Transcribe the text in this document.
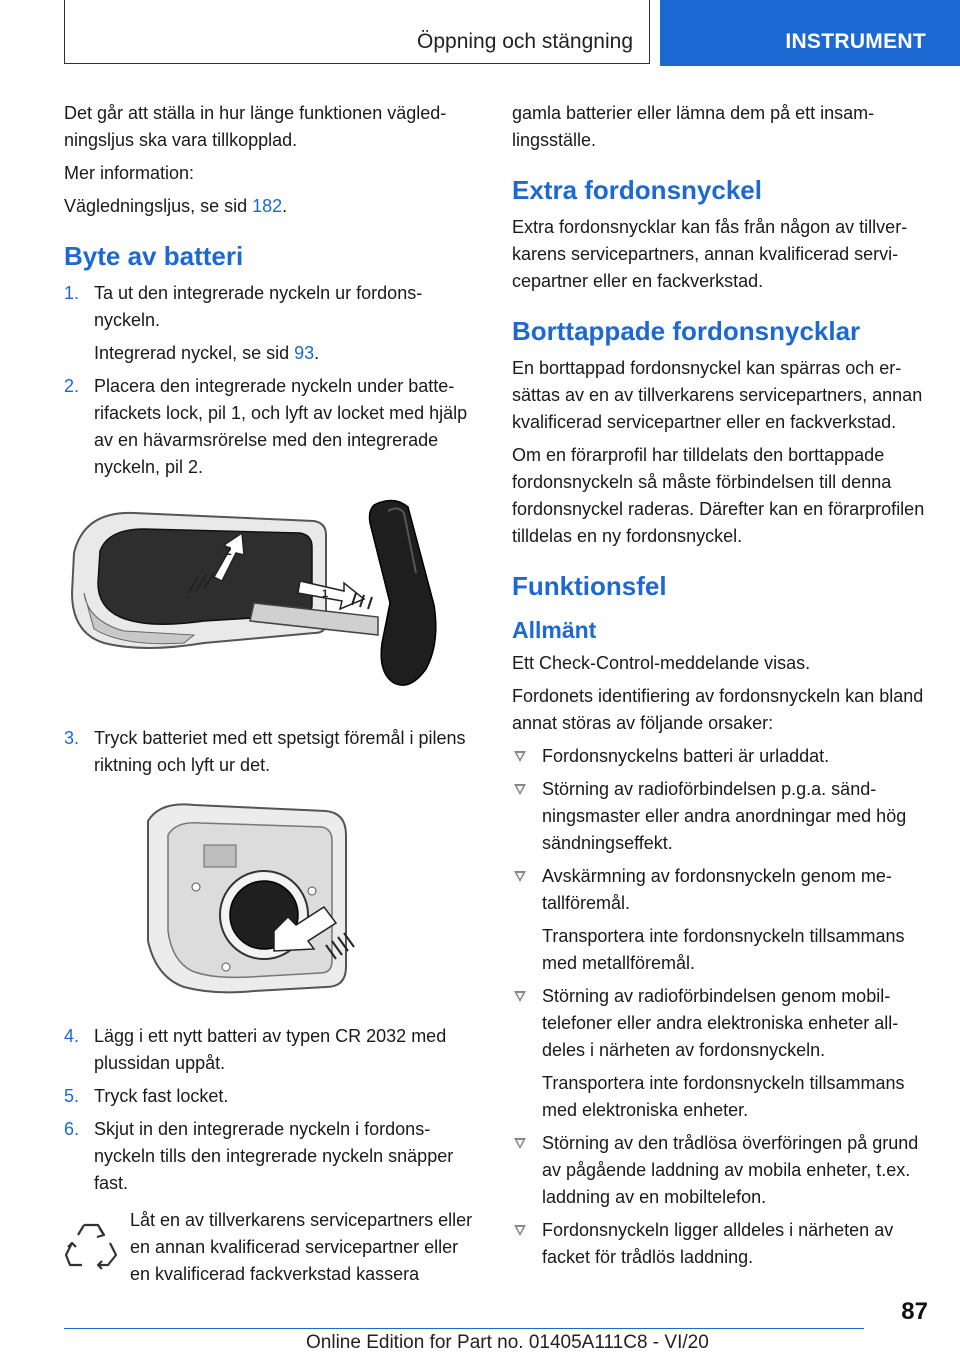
Öppning och stängning	INSTRUMENT

Det går att ställa in hur länge funktionen vägledningsljus ska vara tillkopplad.

Mer information:

Vägledningsljus, se sid 182.

Byte av batteri
1. Ta ut den integrerade nyckeln ur fordonsnyckeln.

Integrerad nyckel, se sid 93.

2. Placera den integrerade nyckeln under batterifackets lock, pil 1, och lyft av locket med hjälp av en hävarmsrörelse med den integrerade nyckeln, pil 2.

2
1
3. Tryck batteriet med ett spetsigt föremål i pilens riktning och lyft ur det.

4. Lägg i ett nytt batteri av typen CR 2032 med plussidan uppåt.

5. Tryck fast locket.

6. Skjut in den integrerade nyckeln i fordonsnyckeln tills den integrerade nyckeln snäpper fast.

Låt en av tillverkarens servicepartners eller en annan kvalificerad servicepartner eller en kvalificerad fackverkstad kassera

gamla batterier eller lämna dem på ett insamlingsställe.

Extra fordonsnyckel

Extra fordonsnycklar kan fås från någon av tillverkarens servicepartners, annan kvalificerad servicepartner eller en fackverkstad.

Borttappade fordonsnycklar

En borttappad fordonsnyckel kan spärras och ersättas av en av tillverkarens servicepartners, annan kvalificerad servicepartner eller en fackverkstad.

Om en förarprofil har tilldelats den borttappade fordonsnyckeln så måste förbindelsen till denna fordonsnyckel raderas. Därefter kan en förarprofilen tilldelas en ny fordonsnyckel.

Funktionsfel
Allmänt

Ett Check-Control-meddelande visas.

Fordonets identifiering av fordonsnyckeln kan bland annat störas av följande orsaker:

Fordonsnyckelns batteri är urladdat.

Störning av radioförbindelsen p.g.a. sändningsmaster eller andra anordningar med hög sändningseffekt.

Avskärmning av fordonsnyckeln genom metallföremål.

Transportera inte fordonsnyckeln tillsammans med metallföremål.

Störning av radioförbindelsen genom mobiltelefoner eller andra elektroniska enheter alldeles i närheten av fordonsnyckeln.

Transportera inte fordonsnyckeln tillsammans med elektroniska enheter.

Störning av den trådlösa överföringen på grund av pågående laddning av mobila enheter, t.ex. laddning av en mobiltelefon.

Fordonsnyckeln ligger alldeles i närheten av facket för trådlös laddning.

87
Online Edition for Part no. 01405A111C8 - VI/20
